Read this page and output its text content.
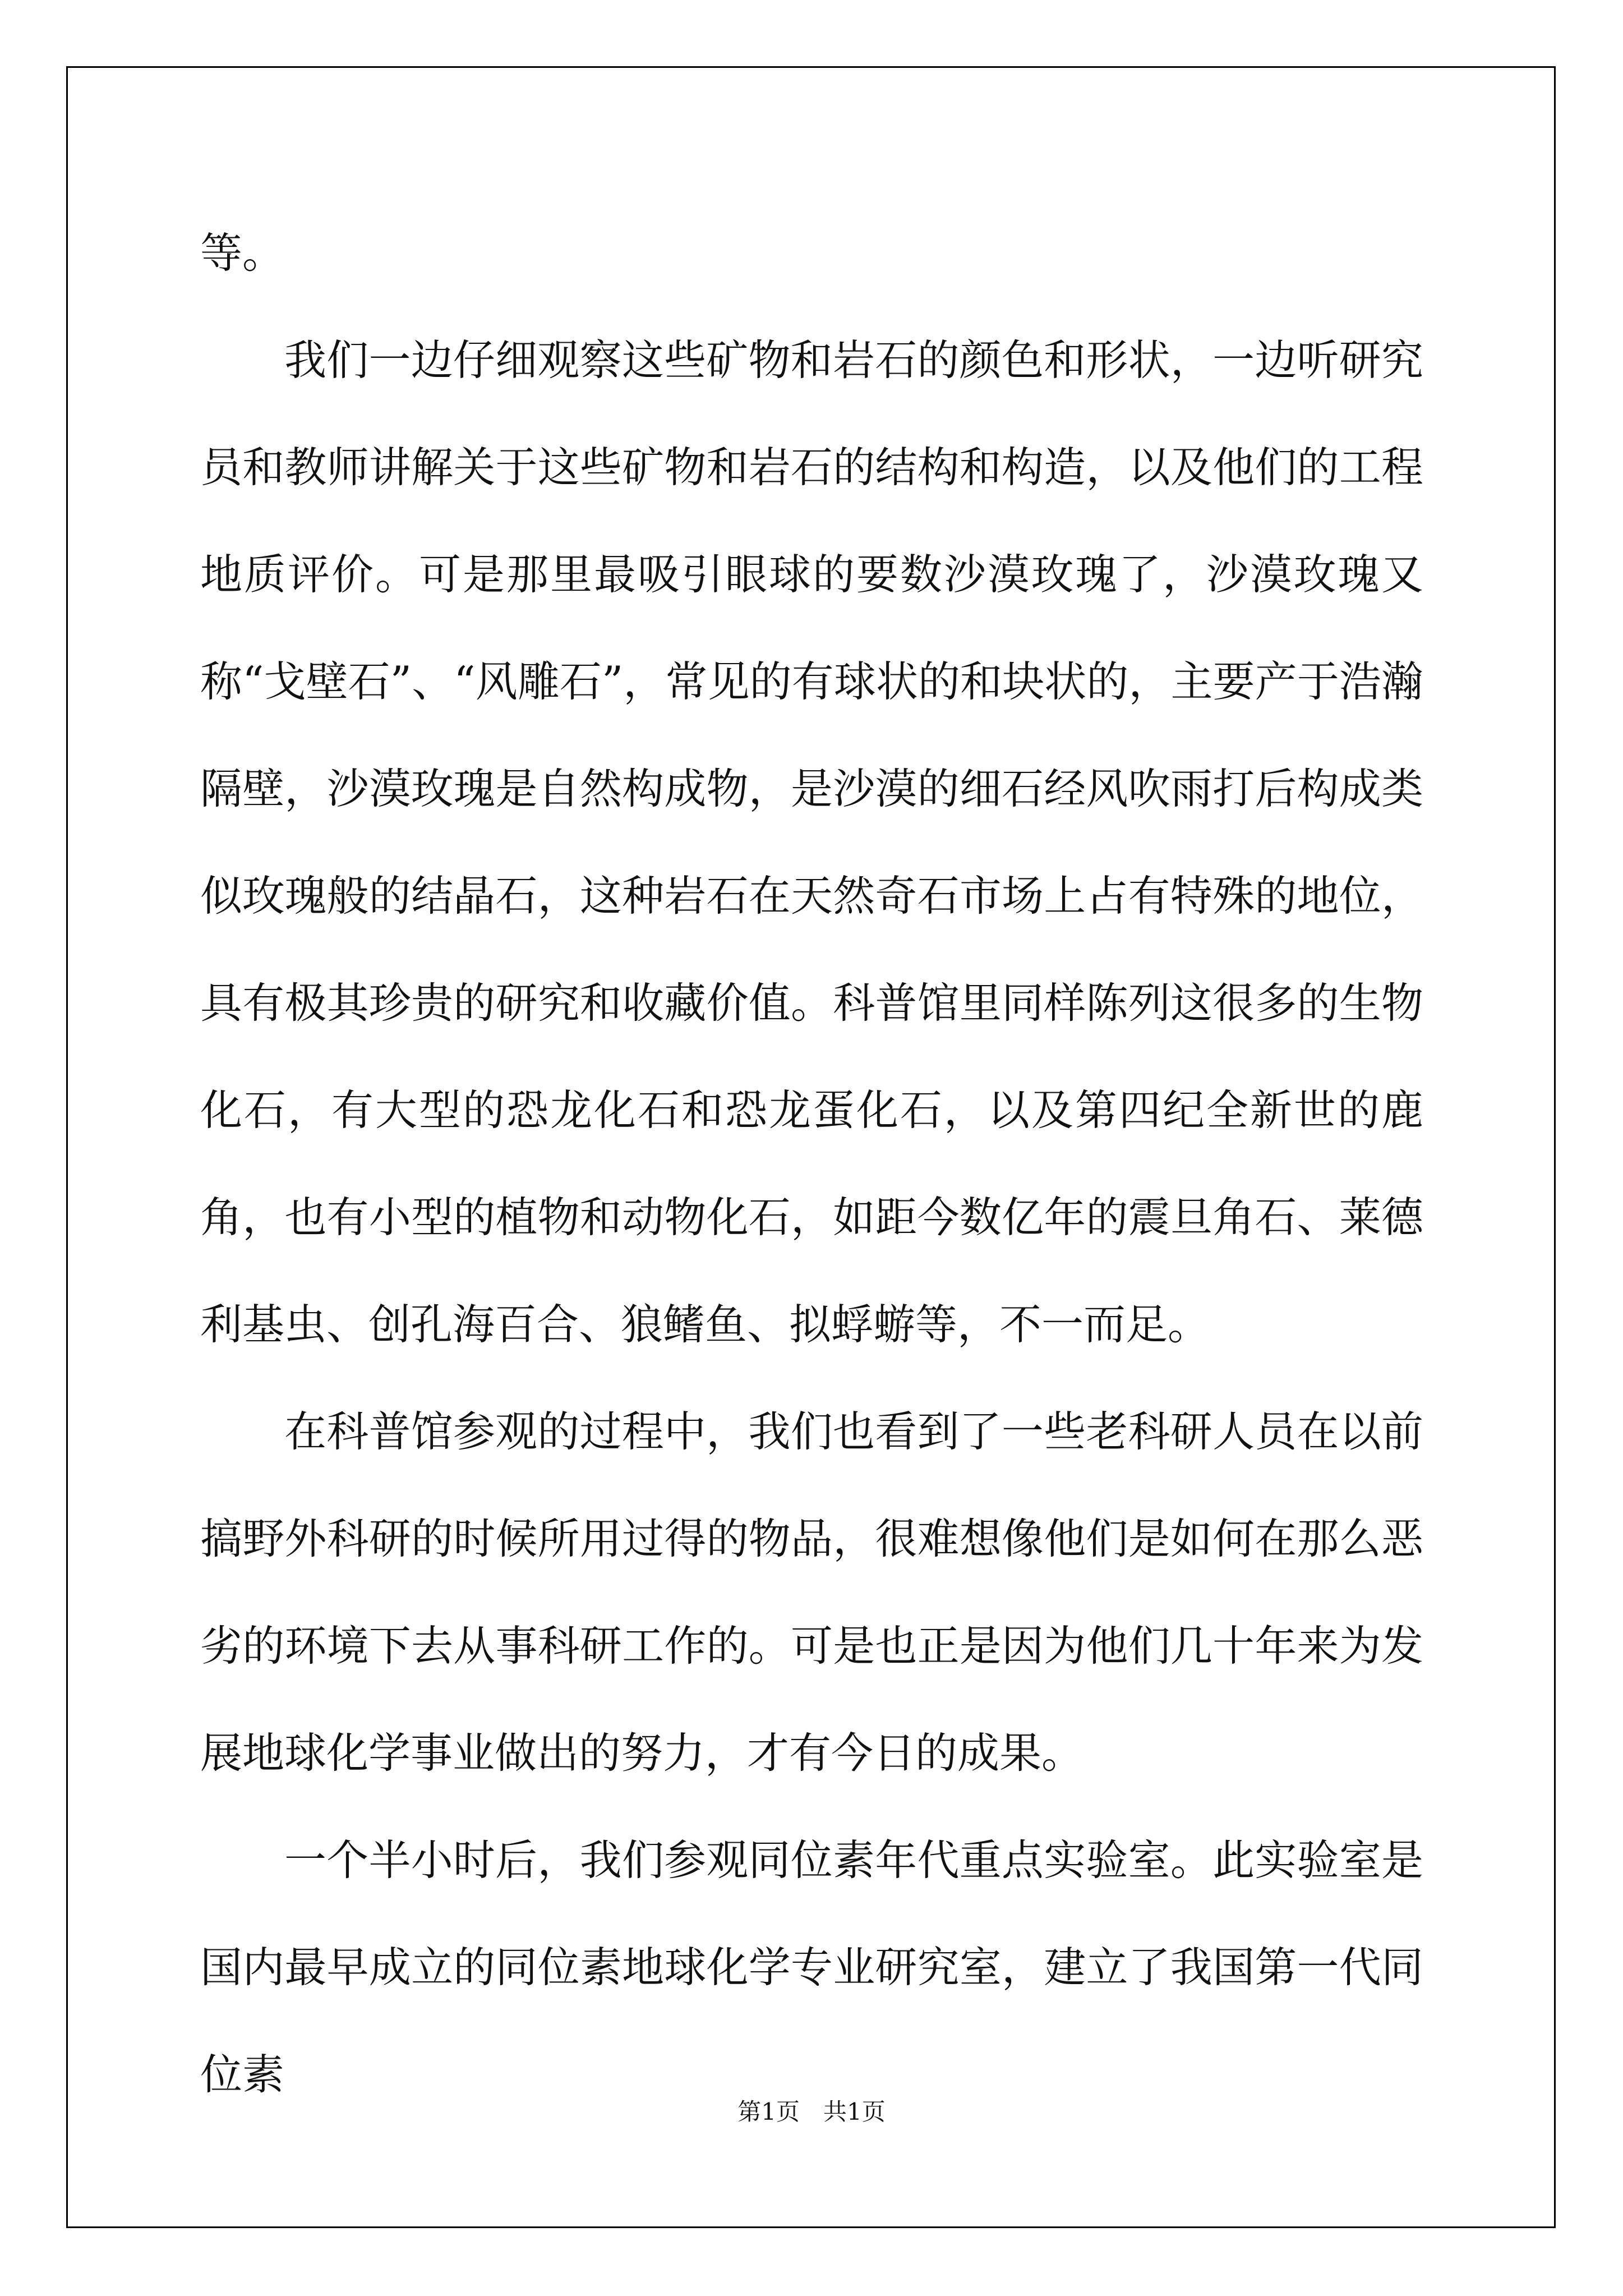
等。

我们一边仔细观察这些矿物和岩石的颜色和形状，一边听研究员和教师讲解关于这些矿物和岩石的结构和构造，以及他们的工程地质评价。可是那里最吸引眼球的要数沙漠玫瑰了，沙漠玫瑰又称“戈壁石”、“风雕石”，常见的有球状的和块状的，主要产于浩瀚隔壁，沙漠玫瑰是自然构成物，是沙漠的细石经风吹雨打后构成类似玫瑰般的结晶石，这种岩石在天然奇石市场上占有特殊的地位，具有极其珍贵的研究和收藏价值。科普馆里同样陈列这很多的生物化石，有大型的恐龙化石和恐龙蛋化石，以及第四纪全新世的鹿角，也有小型的植物和动物化石，如距今数亿年的震旦角石、莱德利基虫、创孔海百合、狼鳍鱼、拟蜉蝣等，不一而足。

在科普馆参观的过程中，我们也看到了一些老科研人员在以前搞野外科研的时候所用过得的物品，很难想像他们是如何在那么恶劣的环境下去从事科研工作的。可是也正是因为他们几十年来为发展地球化学事业做出的努力，才有今日的成果。

一个半小时后，我们参观同位素年代重点实验室。此实验室是国内最早成立的同位素地球化学专业研究室，建立了我国第一代同位素

第1页　共1页
